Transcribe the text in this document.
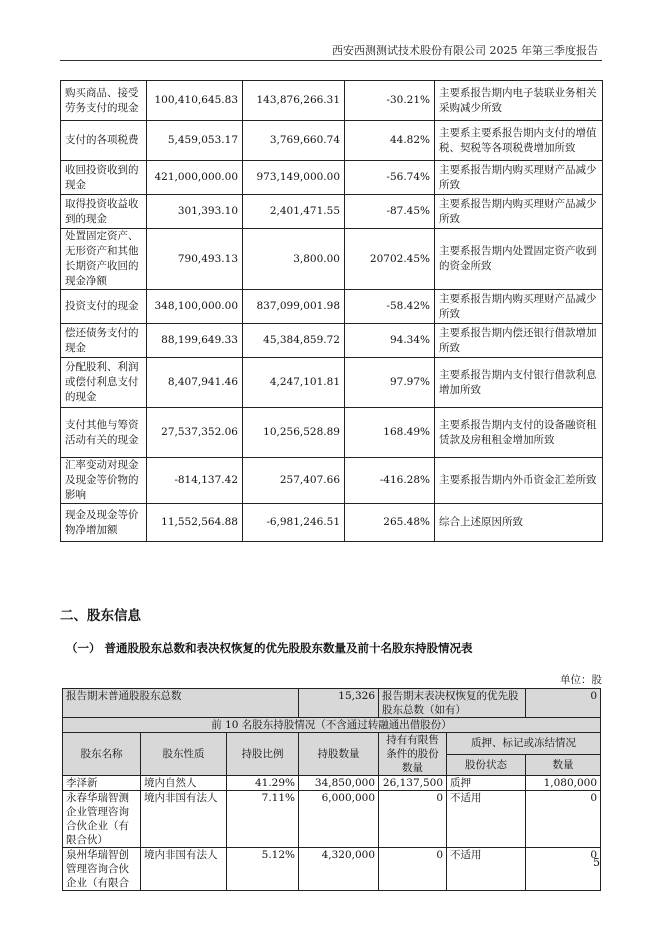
西安西测测试技术股份有限公司 2025 年第三季度报告
购买商品、接受劳务支付的现金	100,410,645.83	143,876,266.31	-30.21%	主要系报告期内电子装联业务相关采购减少所致
支付的各项税费	5,459,053.17	3,769,660.74	44.82%	主要系主要系报告期内支付的增值税、契税等各项税费增加所致
收回投资收到的现金	421,000,000.00	973,149,000.00	-56.74%	主要系报告期内购买理财产品减少所致
取得投资收益收到的现金	301,393.10	2,401,471.55	-87.45%	主要系报告期内购买理财产品减少所致
处置固定资产、无形资产和其他长期资产收回的现金净额	790,493.13	3,800.00	20702.45%	主要系报告期内处置固定资产收到的资金所致
投资支付的现金	348,100,000.00	837,099,001.98	-58.42%	主要系报告期内购买理财产品减少所致
偿还债务支付的现金	88,199,649.33	45,384,859.72	94.34%	主要系报告期内偿还银行借款增加所致
分配股利、利润或偿付利息支付的现金	8,407,941.46	4,247,101.81	97.97%	主要系报告期内支付银行借款利息增加所致
支付其他与筹资活动有关的现金	27,537,352.06	10,256,528.89	168.49%	主要系报告期内支付的设备融资租赁款及房租租金增加所致
汇率变动对现金及现金等价物的影响	-814,137.42	257,407.66	-416.28%	主要系报告期内外币资金汇差所致
现金及现金等价物净增加额	11,552,564.88	-6,981,246.51	265.48%	综合上述原因所致
二、股东信息
（一） 普通股股东总数和表决权恢复的优先股股东数量及前十名股东持股情况表
单位：股
报告期末普通股股东总数			15,326	报告期末表决权恢复的优先股股东总数（如有）		0
前 10 名股东持股情况（不含通过转融通出借股份）						
股东名称	股东性质	持股比例	持股数量	持有有限售条件的股份数量	质押、标记或冻结情况	
					股份状态	数量
李泽新	境内自然人	41.29%	34,850,000	26,137,500	质押	1,080,000
永春华瑞智测企业管理咨询合伙企业（有限合伙）	境内非国有法人	7.11%	6,000,000	0	不适用	0
泉州华瑞智创管理咨询合伙企业（有限合	境内非国有法人	5.12%	4,320,000	0	不适用	0
5
